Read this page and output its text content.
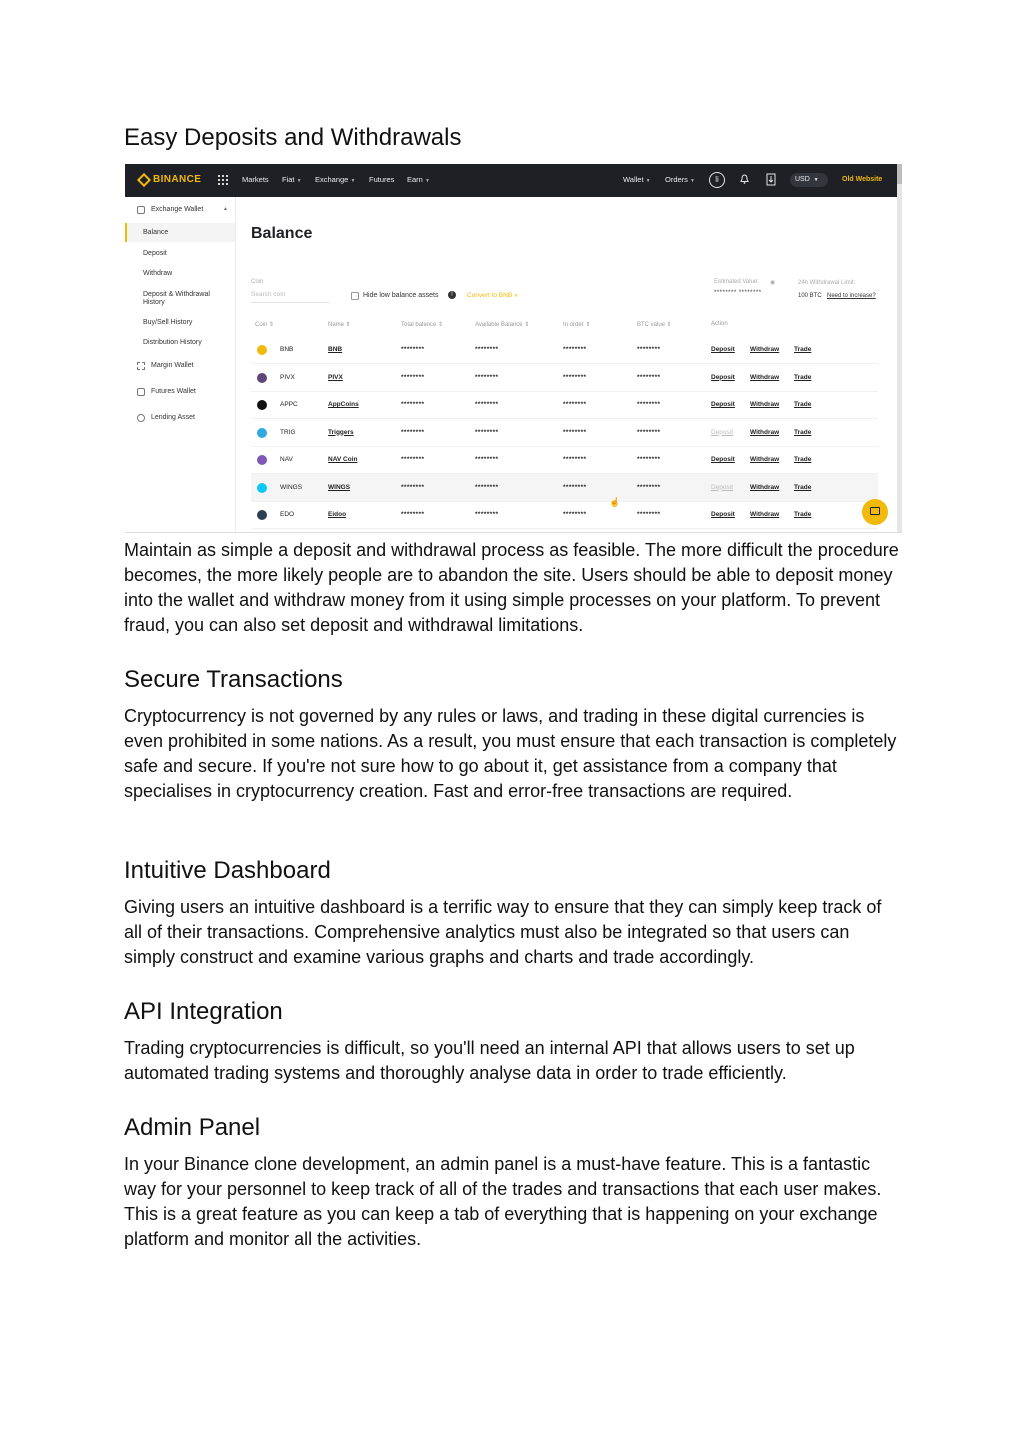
Easy Deposits and Withdrawals
BINANCE	Markets Fiat ▼ Exchange ▼ Futures Earn ▼	Wallet ▼ Orders ▼	li	USD ▼	Old Website
Exchange Wallet	▲
Balance
Deposit
Withdraw
Deposit & Withdrawal
History
Buy/Sell History
Distribution History
Margin Wallet
Futures Wallet
Lending Asset
Balance
Coin
Search coin	Hide low balance assets	!	Convert to BNB »
Estimated Value: ◉
******** ********
24h Withdrawal Limit:
100 BTC Need to increase?
Coin ⇕	Name ⇕	Total balance ⇕	Available Balance ⇕	In order ⇕	BTC value ⇕	Action
BNB	BNB	********	********	********	********	Deposit Withdraw Trade
PIVX	PIVX	********	********	********	********	Deposit Withdraw Trade
APPC	AppCoins	********	********	********	********	Deposit Withdraw Trade
TRIG	Triggers	********	********	********	********	Deposit	Withdraw Trade
NAV	NAV Coin	********	********	********	********	Deposit Withdraw Trade
WINGS	WINGS	********	********	********	********	Deposit	Withdraw Trade
EDO	Eidoo	********	********	********	********	Deposit Withdraw Trade
☝
Maintain as simple a deposit and withdrawal process as feasible. The more difficult the procedure becomes, the more likely people are to abandon the site. Users should be able to deposit money into the wallet and withdraw money from it using simple processes on your platform. To prevent fraud, you can also set deposit and withdrawal limitations.
Secure Transactions
Cryptocurrency is not governed by any rules or laws, and trading in these digital currencies is even prohibited in some nations. As a result, you must ensure that each transaction is completely safe and secure. If you're not sure how to go about it, get assistance from a company that specialises in cryptocurrency creation. Fast and error-free transactions are required.
Intuitive Dashboard
Giving users an intuitive dashboard is a terrific way to ensure that they can simply keep track of all of their transactions. Comprehensive analytics must also be integrated so that users can simply construct and examine various graphs and charts and trade accordingly.
API Integration
Trading cryptocurrencies is difficult, so you'll need an internal API that allows users to set up automated trading systems and thoroughly analyse data in order to trade efficiently.
Admin Panel
In your Binance clone development, an admin panel is a must-have feature. This is a fantastic way for your personnel to keep track of all of the trades and transactions that each user makes. This is a great feature as you can keep a tab of everything that is happening on your exchange platform and monitor all the activities.
